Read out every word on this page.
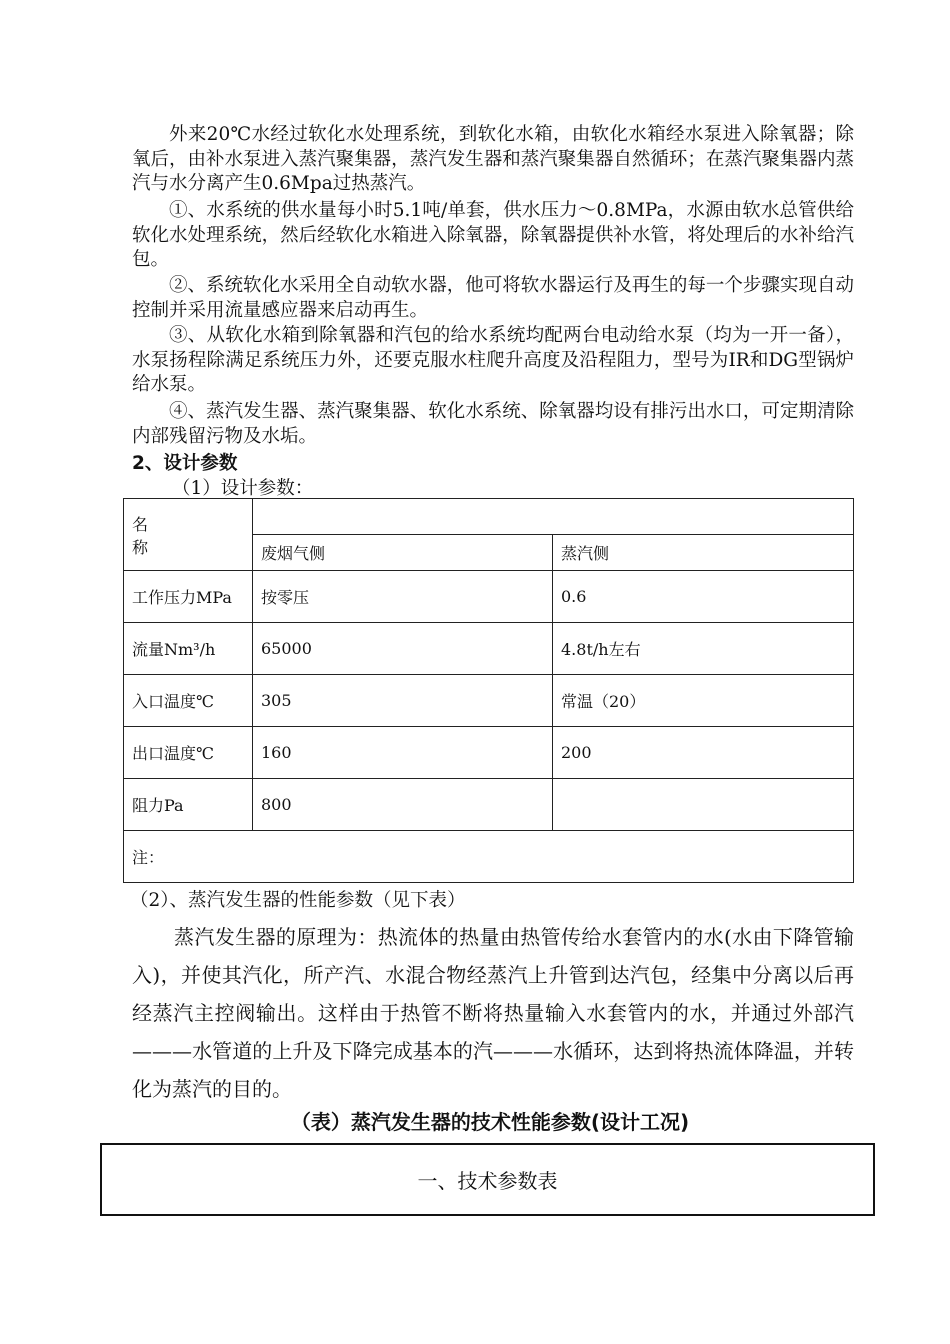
外来20℃水经过软化水处理系统，到软化水箱，由软化水箱经水泵进入除氧器；除氧后，由补水泵进入蒸汽聚集器，蒸汽发生器和蒸汽聚集器自然循环；在蒸汽聚集器内蒸汽与水分离产生0.6Mpa过热蒸汽。

①、水系统的供水量每小时5.1吨/单套，供水压力～0.8MPa，水源由软水总管供给软化水处理系统，然后经软化水箱进入除氧器，除氧器提供补水管，将处理后的水补给汽包。

②、系统软化水采用全自动软水器，他可将软水器运行及再生的每一个步骤实现自动控制并采用流量感应器来启动再生。

③、从软化水箱到除氧器和汽包的给水系统均配两台电动给水泵（均为一开一备），水泵扬程除满足系统压力外，还要克服水柱爬升高度及沿程阻力，型号为IR和DG型锅炉给水泵。

④、蒸汽发生器、蒸汽聚集器、软化水系统、除氧器均设有排污出水口，可定期清除内部残留污物及水垢。

2、设计参数

（1）设计参数：

名 称		
	废烟气侧	蒸汽侧
工作压力MPa	按零压	0.6
流量Nm³/h	65000	4.8t/h左右
入口温度℃	305	常温（20）
出口温度℃	160	200
阻力Pa	800	
注：		

（2）、蒸汽发生器的性能参数（见下表）

蒸汽发生器的原理为：热流体的热量由热管传给水套管内的水(水由下降管输入)，并使其汽化，所产汽、水混合物经蒸汽上升管到达汽包，经集中分离以后再经蒸汽主控阀输出。这样由于热管不断将热量输入水套管内的水，并通过外部汽———水管道的上升及下降完成基本的汽———水循环，达到将热流体降温，并转化为蒸汽的目的。

（表）蒸汽发生器的技术性能参数(设计工况)

一、技术参数表
